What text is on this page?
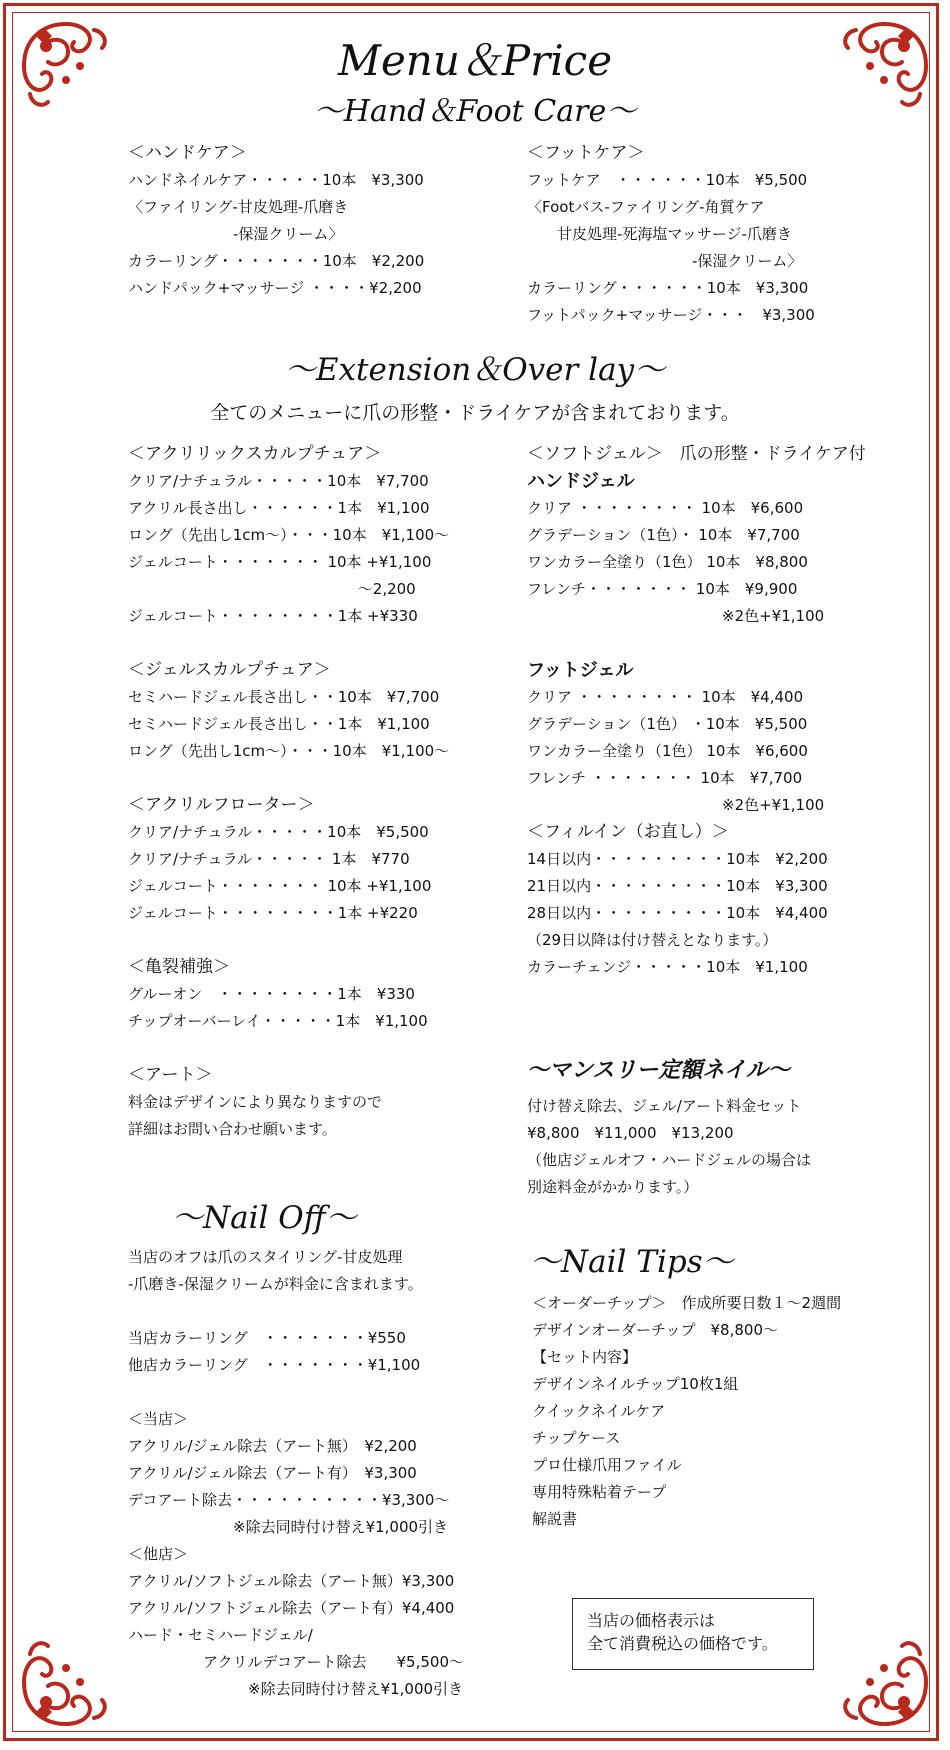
Menu＆Price
〜Hand＆Foot Care〜
＜ハンドケア＞
ハンドネイルケア・・・・・10本　¥3,300
〈ファイリング-甘皮処理-爪磨き
　　　　　　　-保湿クリーム〉
カラーリング・・・・・・・10本　¥2,200
ハンドパック+マッサージ ・・・・¥2,200
＜フットケア＞
フットケア　・・・・・・10本　¥5,500
〈Footバス-ファイリング-角質ケア
　　甘皮処理-死海塩マッサージ-爪磨き
　　　　　　　　　　　-保湿クリーム〉
カラーリング・・・・・・10本　¥3,300
フットパック+マッサージ・・・　¥3,300
〜Extension＆Over lay〜
全てのメニューに爪の形整・ドライケアが含まれております。
＜アクリリックスカルプチュア＞
クリア/ナチュラル・・・・・10本　¥7,700
アクリル長さ出し・・・・・・1本　¥1,100
ロング（先出し1cm〜）・・・10本　¥1,100〜
ジェルコート・・・・・・・ 10本 +¥1,100
　　　　　　　　　　　　　　　 〜2,200
ジェルコート・・・・・・・・1本 +¥330
＜ジェルスカルプチュア＞
セミハードジェル長さ出し・・10本　¥7,700
セミハードジェル長さ出し・・1本　¥1,100
ロング（先出し1cm〜）・・・10本　¥1,100〜
＜アクリルフローター＞
クリア/ナチュラル・・・・・10本　¥5,500
クリア/ナチュラル・・・・・ 1本　¥770
ジェルコート・・・・・・・ 10本 +¥1,100
ジェルコート・・・・・・・・1本 +¥220
＜亀裂補強＞
グルーオン　・・・・・・・・1本　¥330
チップオーバーレイ・・・・・1本　¥1,100
＜アート＞
料金はデザインにより異なりますので
詳細はお問い合わせ願います。
＜ソフトジェル＞　爪の形整・ドライケア付
ハンドジェル
クリア ・・・・・・・・ 10本　¥6,600
グラデーション（1色）・ 10本　¥7,700
ワンカラー全塗り（1色） 10本　¥8,800
フレンチ・・・・・・・ 10本　¥9,900
　　　　　　　　　　　　　※2色+¥1,100
フットジェル
クリア ・・・・・・・・ 10本　¥4,400
グラデーション（1色） ・10本　¥5,500
ワンカラー全塗り（1色） 10本　¥6,600
フレンチ ・・・・・・・ 10本　¥7,700
　　　　　　　　　　　　　※2色+¥1,100
＜フィルイン（お直し）＞
14日以内・・・・・・・・・10本　¥2,200
21日以内・・・・・・・・・10本　¥3,300
28日以内・・・・・・・・・10本　¥4,400
（29日以降は付け替えとなります。）
カラーチェンジ・・・・・10本　¥1,100
〜マンスリー定額ネイル〜
付け替え除去、ジェル/アート料金セット
¥8,800　¥11,000　¥13,200
（他店ジェルオフ・ハードジェルの場合は
別途料金がかかります。）
〜Nail Off〜
当店のオフは爪のスタイリング-甘皮処理
-爪磨き-保湿クリームが料金に含まれます。
当店カラーリング　・・・・・・・¥550
他店カラーリング　・・・・・・・¥1,100
＜当店＞
アクリル/ジェル除去（アート無）　¥2,200
アクリル/ジェル除去（アート有）　¥3,300
デコアート除去・・・・・・・・・・¥3,300〜
　　　　　　　※除去同時付け替え¥1,000引き
＜他店＞
アクリル/ソフトジェル除去（アート無）¥3,300
アクリル/ソフトジェル除去（アート有）¥4,400
ハード・セミハードジェル/
　　　　　アクリルデコアート除去　　¥5,500〜
　　　　　　　　※除去同時付け替え¥1,000引き
〜Nail Tips〜
＜オーダーチップ＞　作成所要日数１〜2週間
デザインオーダーチップ　¥8,800〜
【セット内容】
デザインネイルチップ10枚1組
クイックネイルケア
チップケース
プロ仕様爪用ファイル
専用特殊粘着テープ
解説書
当店の価格表示は
全て消費税込の価格です。
